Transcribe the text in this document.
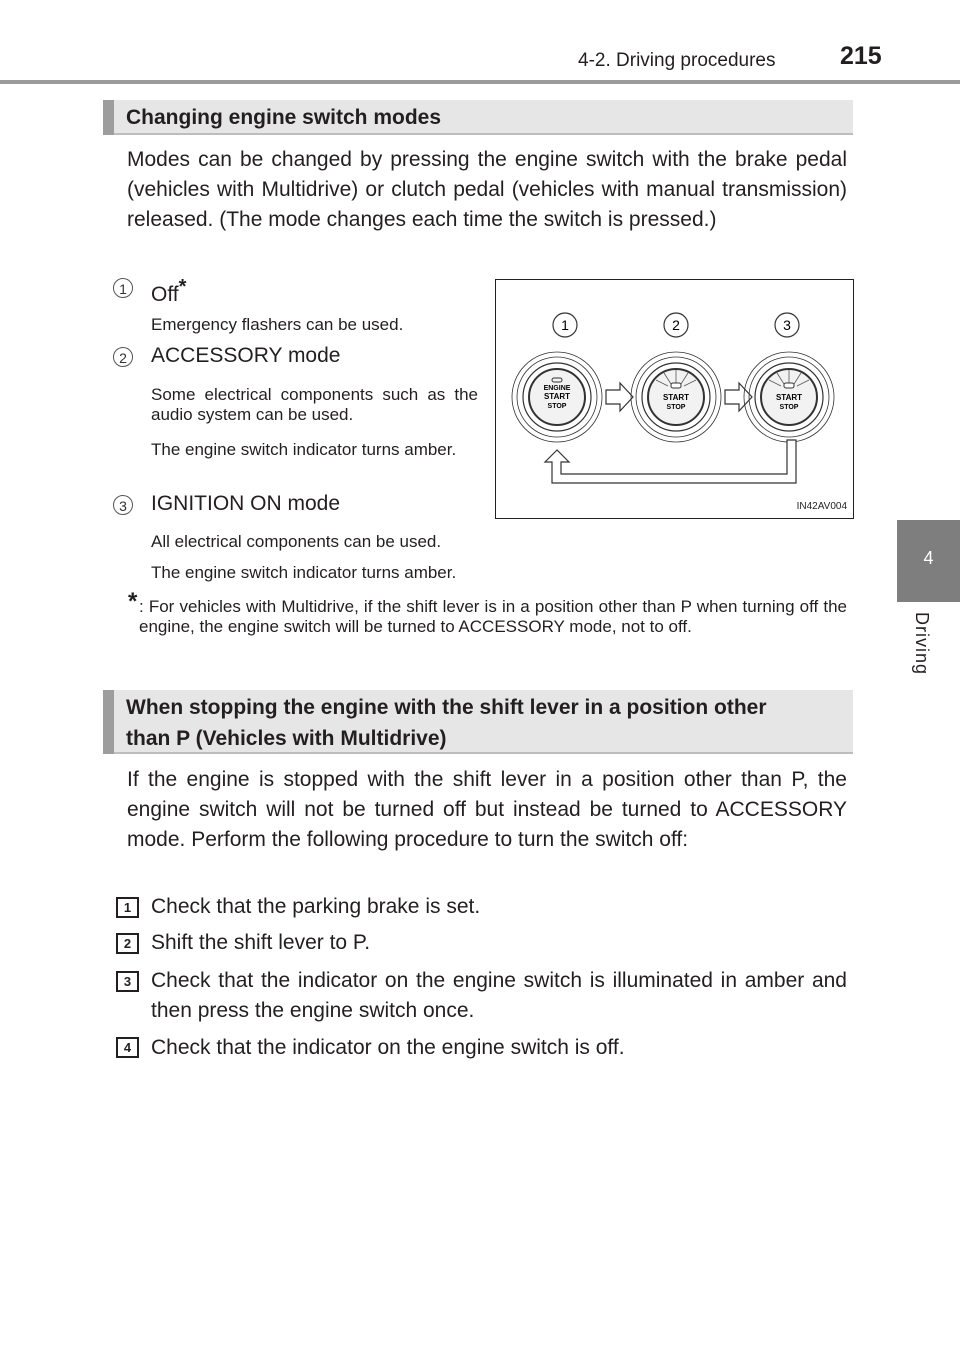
4-2. Driving procedures	215
4
Driving
Changing engine switch modes
Modes can be changed by pressing the engine switch with the brake pedal (vehicles with Multidrive) or clutch pedal (vehicles with manual transmission) released. (The mode changes each time the switch is pressed.)
1 Off*
Emergency flashers can be used.
2 ACCESSORY mode
Some electrical components such as the audio system can be used.
The engine switch indicator turns amber.
3 IGNITION ON mode
All electrical components can be used.
The engine switch indicator turns amber.
* : For vehicles with Multidrive, if the shift lever is in a position other than P when turning off the engine, the engine switch will be turned to ACCESSORY mode, not to off.
1	2	3
ENGINE
START
STOP
START
STOP
START
STOP
IN42AV004
When stopping the engine with the shift lever in a position other
than P (Vehicles with Multidrive)
If the engine is stopped with the shift lever in a position other than P, the engine switch will not be turned off but instead be turned to ACCESSORY mode. Perform the following procedure to turn the switch off:
1 Check that the parking brake is set.
2 Shift the shift lever to P.
3 Check that the indicator on the engine switch is illuminated in amber and then press the engine switch once.
4 Check that the indicator on the engine switch is off.
